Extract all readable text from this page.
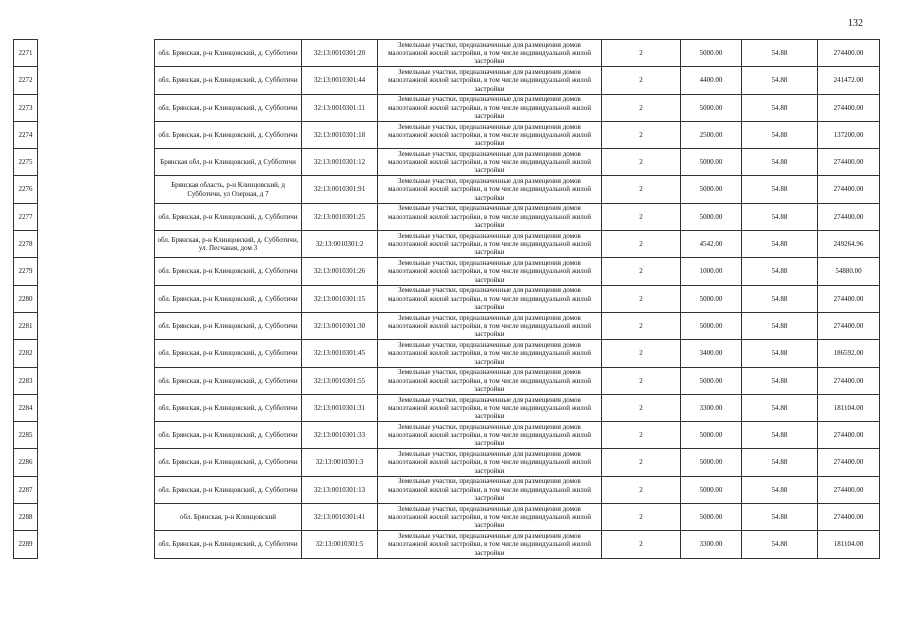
132
2271		обл. Брянская, р-н Клинцовский, д. Субботичи	32:13:0010301:20	Земельные участки, предназначенные для размещения домов малоэтажной жилой застройки, в том числе индивидуальной жилой застройки	2	5000.00	54.88	274400.00
2272		обл. Брянская, р-н Клинцовский, д. Субботичи	32:13:0010301:44	Земельные участки, предназначенные для размещения домов малоэтажной жилой застройки, в том числе индивидуальной жилой застройки	2	4400.00	54.88	241472.00
2273		обл. Брянская, р-н Клинцовский, д. Субботичи	32:13:0010301:11	Земельные участки, предназначенные для размещения домов малоэтажной жилой застройки, в том числе индивидуальной жилой застройки	2	5000.00	54.88	274400.00
2274		обл. Брянская, р-н Клинцовский, д. Субботичи	32:13:0010301:18	Земельные участки, предназначенные для размещения домов малоэтажной жилой застройки, в том числе индивидуальной жилой застройки	2	2500.00	54.88	137200.00
2275		Брянская обл, р-н Клинцовский, д Субботичи	32:13:0010301:12	Земельные участки, предназначенные для размещения домов малоэтажной жилой застройки, в том числе индивидуальной жилой застройки	2	5000.00	54.88	274400.00
2276		Брянская область, р-н Клинцовский, д Субботичи, ул Озерная, д 7	32:13:0010301:91	Земельные участки, предназначенные для размещения домов малоэтажной жилой застройки, в том числе индивидуальной жилой застройки	2	5000.00	54.88	274400.00
2277		обл. Брянская, р-н Клинцовский, д. Субботичи	32:13:0010301:25	Земельные участки, предназначенные для размещения домов малоэтажной жилой застройки, в том числе индивидуальной жилой застройки	2	5000.00	54.88	274400.00
2278		обл. Брянская, р-н Клинцовский, д. Субботичи, ул. Песчаная, дом 3	32:13:0010301:2	Земельные участки, предназначенные для размещения домов малоэтажной жилой застройки, в том числе индивидуальной жилой застройки	2	4542.00	54.88	249264.96
2279		обл. Брянская, р-н Клинцовский, д. Субботичи	32:13:0010301:26	Земельные участки, предназначенные для размещения домов малоэтажной жилой застройки, в том числе индивидуальной жилой застройки	2	1000.00	54.88	54880.00
2280		обл. Брянская, р-н Клинцовский, д. Субботичи	32:13:0010301:15	Земельные участки, предназначенные для размещения домов малоэтажной жилой застройки, в том числе индивидуальной жилой застройки	2	5000.00	54.88	274400.00
2281		обл. Брянская, р-н Клинцовский, д. Субботичи	32:13:0010301:30	Земельные участки, предназначенные для размещения домов малоэтажной жилой застройки, в том числе индивидуальной жилой застройки	2	5000.00	54.88	274400.00
2282		обл. Брянская, р-н Клинцовский, д. Субботичи	32:13:0010301:45	Земельные участки, предназначенные для размещения домов малоэтажной жилой застройки, в том числе индивидуальной жилой застройки	2	3400.00	54.88	186592.00
2283		обл. Брянская, р-н Клинцовский, д. Субботичи	32:13:0010301:55	Земельные участки, предназначенные для размещения домов малоэтажной жилой застройки, в том числе индивидуальной жилой застройки	2	5000.00	54.88	274400.00
2284		обл. Брянская, р-н Клинцовский, д. Субботичи	32:13:0010301:31	Земельные участки, предназначенные для размещения домов малоэтажной жилой застройки, в том числе индивидуальной жилой застройки	2	3300.00	54.88	181104.00
2285		обл. Брянская, р-н Клинцовский, д. Субботичи	32:13:0010301:33	Земельные участки, предназначенные для размещения домов малоэтажной жилой застройки, в том числе индивидуальной жилой застройки	2	5000.00	54.88	274400.00
2286		обл. Брянская, р-н Клинцовский, д. Субботичи	32:13:0010301:3	Земельные участки, предназначенные для размещения домов малоэтажной жилой застройки, в том числе индивидуальной жилой застройки	2	5000.00	54.88	274400.00
2287		обл. Брянская, р-н Клинцовский, д. Субботичи	32:13:0010301:13	Земельные участки, предназначенные для размещения домов малоэтажной жилой застройки, в том числе индивидуальной жилой застройки	2	5000.00	54.88	274400.00
2288		обл. Брянская, р-н Клинцовский	32:13:0010301:41	Земельные участки, предназначенные для размещения домов малоэтажной жилой застройки, в том числе индивидуальной жилой застройки	2	5000.00	54.88	274400.00
2289		обл. Брянская, р-н Клинцовский, д. Субботичи	32:13:0010301:5	Земельные участки, предназначенные для размещения домов малоэтажной жилой застройки, в том числе индивидуальной жилой застройки	2	3300.00	54.88	181104.00
